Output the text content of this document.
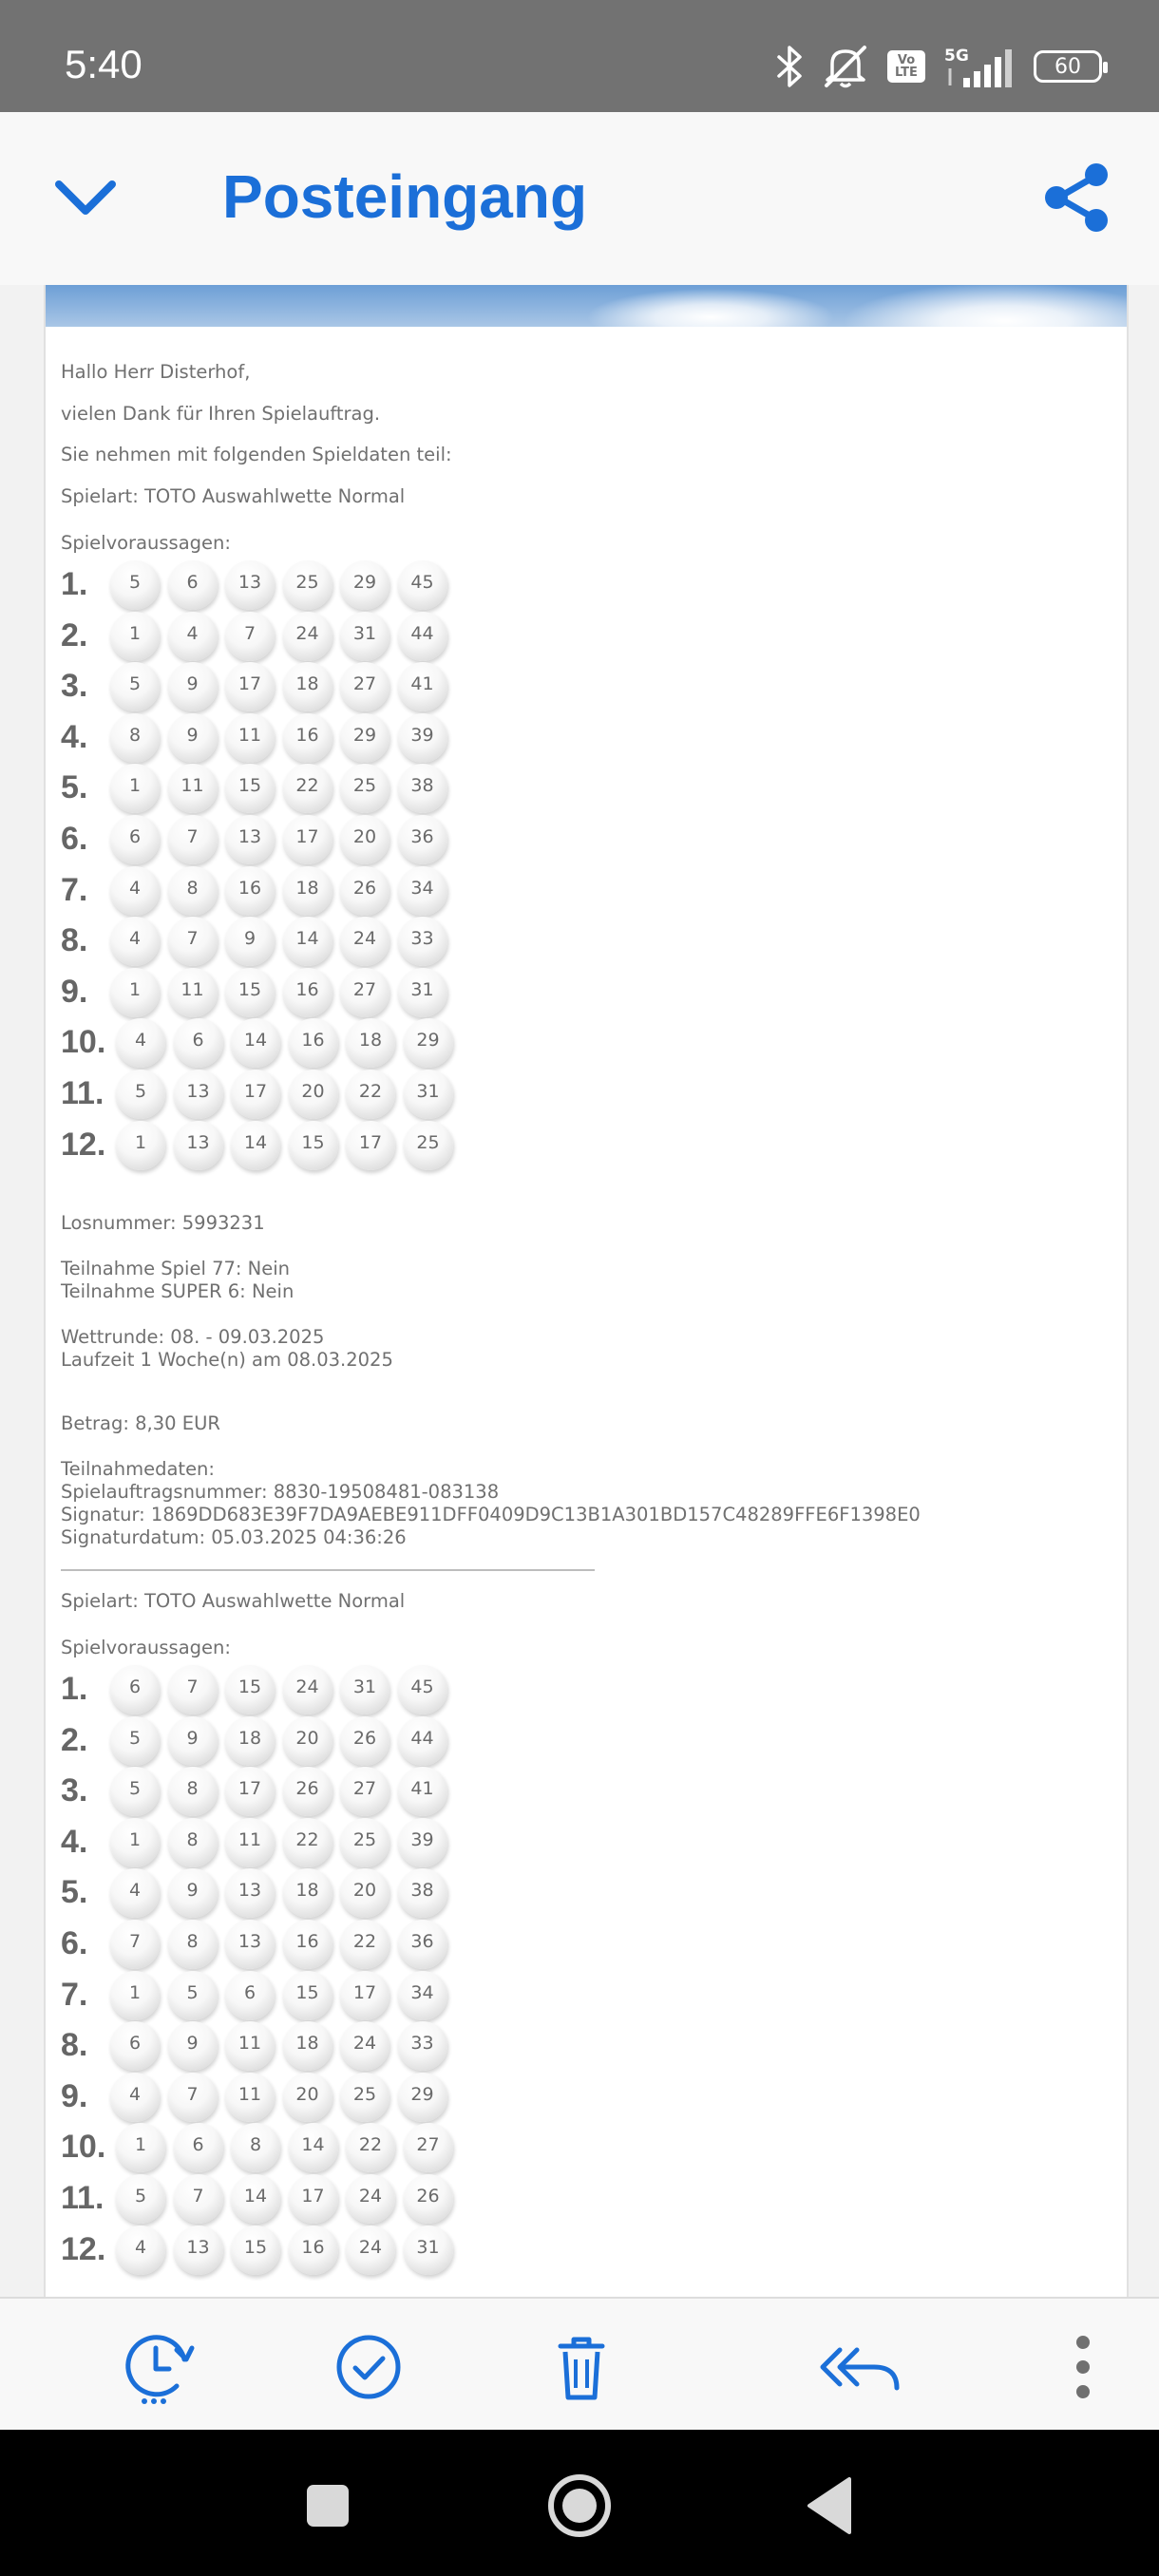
5:40	Vo
LTE
5G	60
Posteingang

Hallo Herr Disterhof,

vielen Dank für Ihren Spielauftrag.

Sie nehmen mit folgenden Spieldaten teil:

Spielart: TOTO Auswahlwette Normal

Spielvoraussagen:

1.	5	6	13	25	29	45
2.	1	4	7	24	31	44
3.	5	9	17	18	27	41
4.	8	9	11	16	29	39
5.	1	11	15	22	25	38
6.	6	7	13	17	20	36
7.	4	8	16	18	26	34
8.	4	7	9	14	24	33
9.	1	11	15	16	27	31
10.	4	6	14	16	18	29
11.	5	13	17	20	22	31
12.	1	13	14	15	17	25

Losnummer: 5993231

Teilnahme Spiel 77: Nein

Teilnahme SUPER 6: Nein

Wettrunde: 08. - 09.03.2025

Laufzeit 1 Woche(n) am 08.03.2025

Betrag: 8,30 EUR

Teilnahmedaten:

Spielauftragsnummer: 8830-19508481-083138

Signatur: 1869DD683E39F7DA9AEBE911DFF0409D9C13B1A301BD157C48289FFE6F1398E0

Signaturdatum: 05.03.2025 04:36:26

Spielart: TOTO Auswahlwette Normal

Spielvoraussagen:

1.	6	7	15	24	31	45
2.	5	9	18	20	26	44
3.	5	8	17	26	27	41
4.	1	8	11	22	25	39
5.	4	9	13	18	20	38
6.	7	8	13	16	22	36
7.	1	5	6	15	17	34
8.	6	9	11	18	24	33
9.	4	7	11	20	25	29
10.	1	6	8	14	22	27
11.	5	7	14	17	24	26
12.	4	13	15	16	24	31
